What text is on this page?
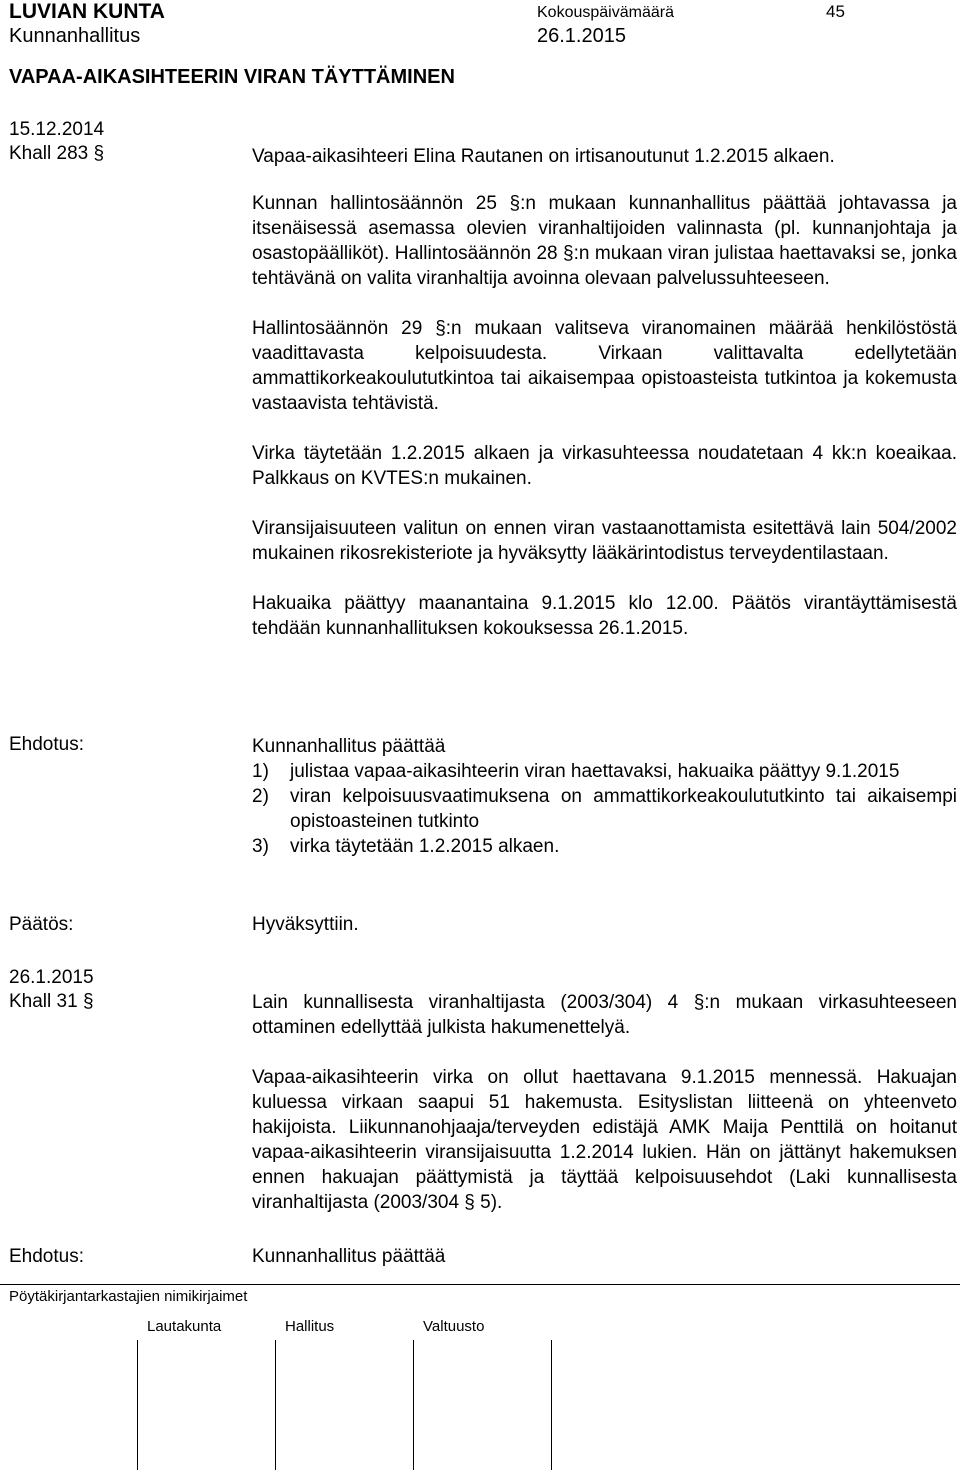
LUVIAN KUNTA
Kunnanhallitus
Kokouspäivämäärä
26.1.2015
45
VAPAA-AIKASIHTEERIN VIRAN TÄYTTÄMINEN
15.12.2014
Khall 283 §	Vapaa-aikasihteeri Elina Rautanen on irtisanoutunut 1.2.2015 alkaen.

Kunnan hallintosäännön 25 §:n mukaan kunnanhallitus päättää johtavassa ja itsenäisessä asemassa olevien viranhaltijoiden valinnasta (pl. kunnanjohtaja ja osastopäälliköt). Hallintosäännön 28 §:n mukaan viran julistaa haettavaksi se, jonka tehtävänä on valita viranhaltija avoinna olevaan palvelussuhteeseen.

Hallintosäännön 29 §:n mukaan valitseva viranomainen määrää henkilöstöstä vaadittavasta kelpoisuudesta. Virkaan valittavalta edellytetään ammattikorkeakoulututkintoa tai aikaisempaa opistoasteista tutkintoa ja kokemusta vastaavista tehtävistä.

Virka täytetään 1.2.2015 alkaen ja virkasuhteessa noudatetaan 4 kk:n koeaikaa. Palkkaus on KVTES:n mukainen.

Viransijaisuuteen valitun on ennen viran vastaanottamista esitettävä lain 504/2002 mukainen rikosrekisteriote ja hyväksytty lääkärintodistus terveydentilastaan.

Hakuaika päättyy maanantaina 9.1.2015 klo 12.00. Päätös virantäyttämisestä tehdään kunnanhallituksen kokouksessa 26.1.2015.

Ehdotus:	Kunnanhallitus päättää
1)	julistaa vapaa-aikasihteerin viran haettavaksi, hakuaika päättyy 9.1.2015
2)	viran kelpoisuusvaatimuksena on ammattikorkeakoulututkinto tai aikaisempi opistoasteinen tutkinto
3)	virka täytetään 1.2.2015 alkaen.
Päätös:	Hyväksyttiin.
26.1.2015
Khall 31 §	Lain kunnallisesta viranhaltijasta (2003/304) 4 §:n mukaan virkasuhteeseen ottaminen edellyttää julkista hakumenettelyä.

Vapaa-aikasihteerin virka on ollut haettavana 9.1.2015 mennessä. Hakuajan kuluessa virkaan saapui 51 hakemusta. Esityslistan liitteenä on yhteenveto hakijoista. Liikunnanohjaaja/terveyden edistäjä AMK Maija Penttilä on hoitanut vapaa-aikasihteerin viransijaisuutta 1.2.2014 lukien. Hän on jättänyt hakemuksen ennen hakuajan päättymistä ja täyttää kelpoisuusehdot (Laki kunnallisesta viranhaltijasta (2003/304 § 5).

Ehdotus:	Kunnanhallitus päättää
Pöytäkirjantarkastajien nimikirjaimet
Lautakunta	Hallitus	Valtuusto
